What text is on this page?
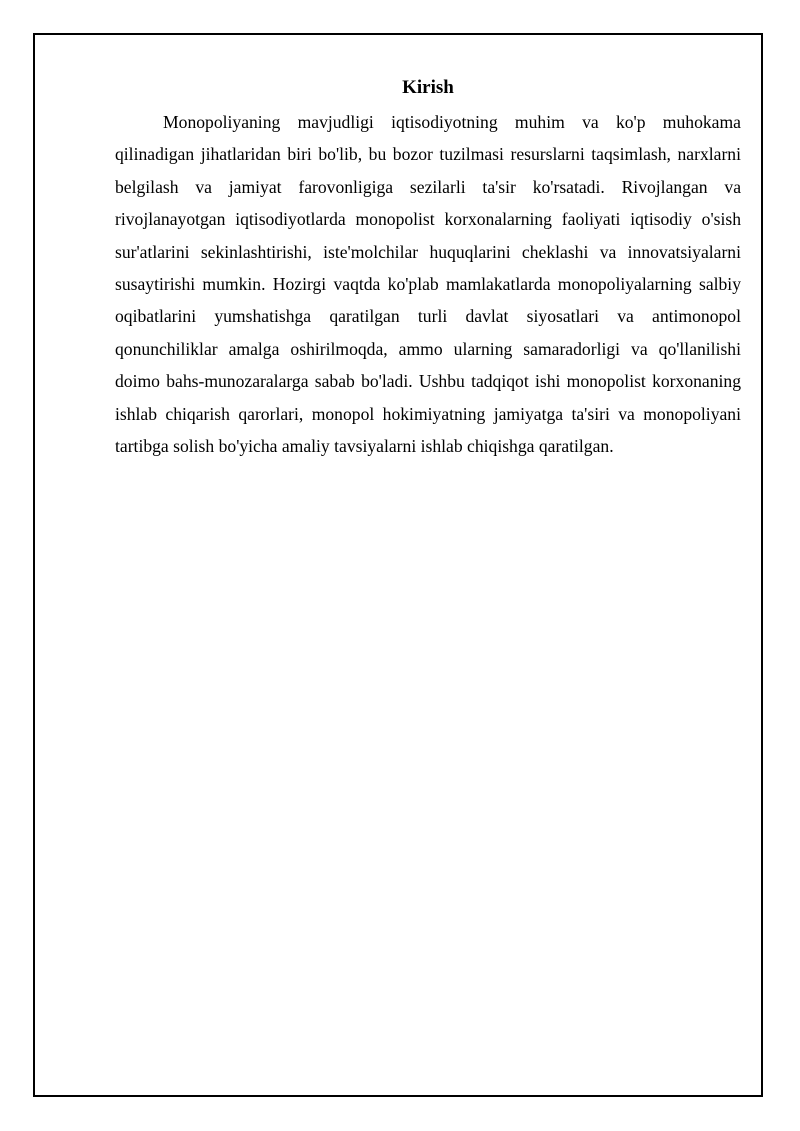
Kirish

Monopoliyaning mavjudligi iqtisodiyotning muhim va ko'p muhokama qilinadigan jihatlaridan biri bo'lib, bu bozor tuzilmasi resurslarni taqsimlash, narxlarni belgilash va jamiyat farovonligiga sezilarli ta'sir ko'rsatadi. Rivojlangan va rivojlanayotgan iqtisodiyotlarda monopolist korxonalarning faoliyati iqtisodiy o'sish sur'atlarini sekinlashtirishi, iste'molchilar huquqlarini cheklashi va innovatsiyalarni susaytirishi mumkin. Hozirgi vaqtda ko'plab mamlakatlarda monopoliyalarning salbiy oqibatlarini yumshatishga qaratilgan turli davlat siyosatlari va antimonopol qonunchiliklar amalga oshirilmoqda, ammo ularning samaradorligi va qo'llanilishi doimo bahs-munozaralarga sabab bo'ladi. Ushbu tadqiqot ishi monopolist korxonaning ishlab chiqarish qarorlari, monopol hokimiyatning jamiyatga ta'siri va monopoliyani tartibga solish bo'yicha amaliy tavsiyalarni ishlab chiqishga qaratilgan.
